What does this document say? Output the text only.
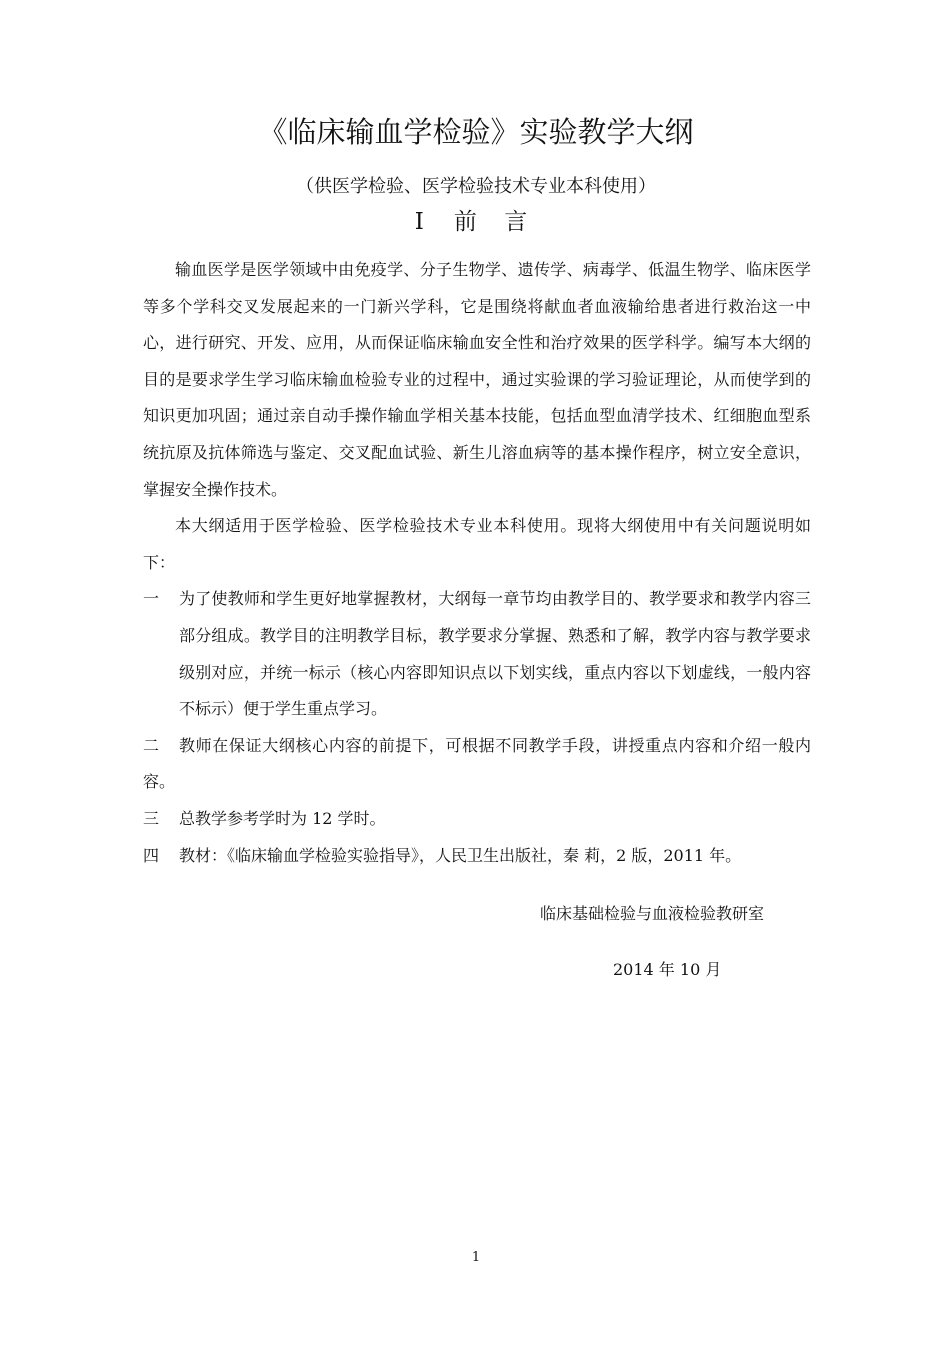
《临床输血学检验》实验教学大纲
（供医学检验、医学检验技术专业本科使用）
I 前 言

输血医学是医学领域中由免疫学、分子生物学、遗传学、病毒学、低温生物学、临床医学等多个学科交叉发展起来的一门新兴学科，它是围绕将献血者血液输给患者进行救治这一中心，进行研究、开发、应用，从而保证临床输血安全性和治疗效果的医学科学。编写本大纲的目的是要求学生学习临床输血检验专业的过程中，通过实验课的学习验证理论，从而使学到的知识更加巩固；通过亲自动手操作输血学相关基本技能，包括血型血清学技术、红细胞血型系统抗原及抗体筛选与鉴定、交叉配血试验、新生儿溶血病等的基本操作程序，树立安全意识，掌握安全操作技术。

本大纲适用于医学检验、医学检验技术专业本科使用。现将大纲使用中有关问题说明如下：

一 为了使教师和学生更好地掌握教材，大纲每一章节均由教学目的、教学要求和教学内容三部分组成。教学目的注明教学目标，教学要求分掌握、熟悉和了解，教学内容与教学要求级别对应，并统一标示（核心内容即知识点以下划实线，重点内容以下划虚线，一般内容不标示）便于学生重点学习。

二 教师在保证大纲核心内容的前提下，可根据不同教学手段，讲授重点内容和介绍一般内容。

三 总教学参考学时为 12 学时。

四 教材：《临床输血学检验实验指导》，人民卫生出版社，秦 莉，2 版，2011 年。

临床基础检验与血液检验教研室
2014 年 10 月
1
